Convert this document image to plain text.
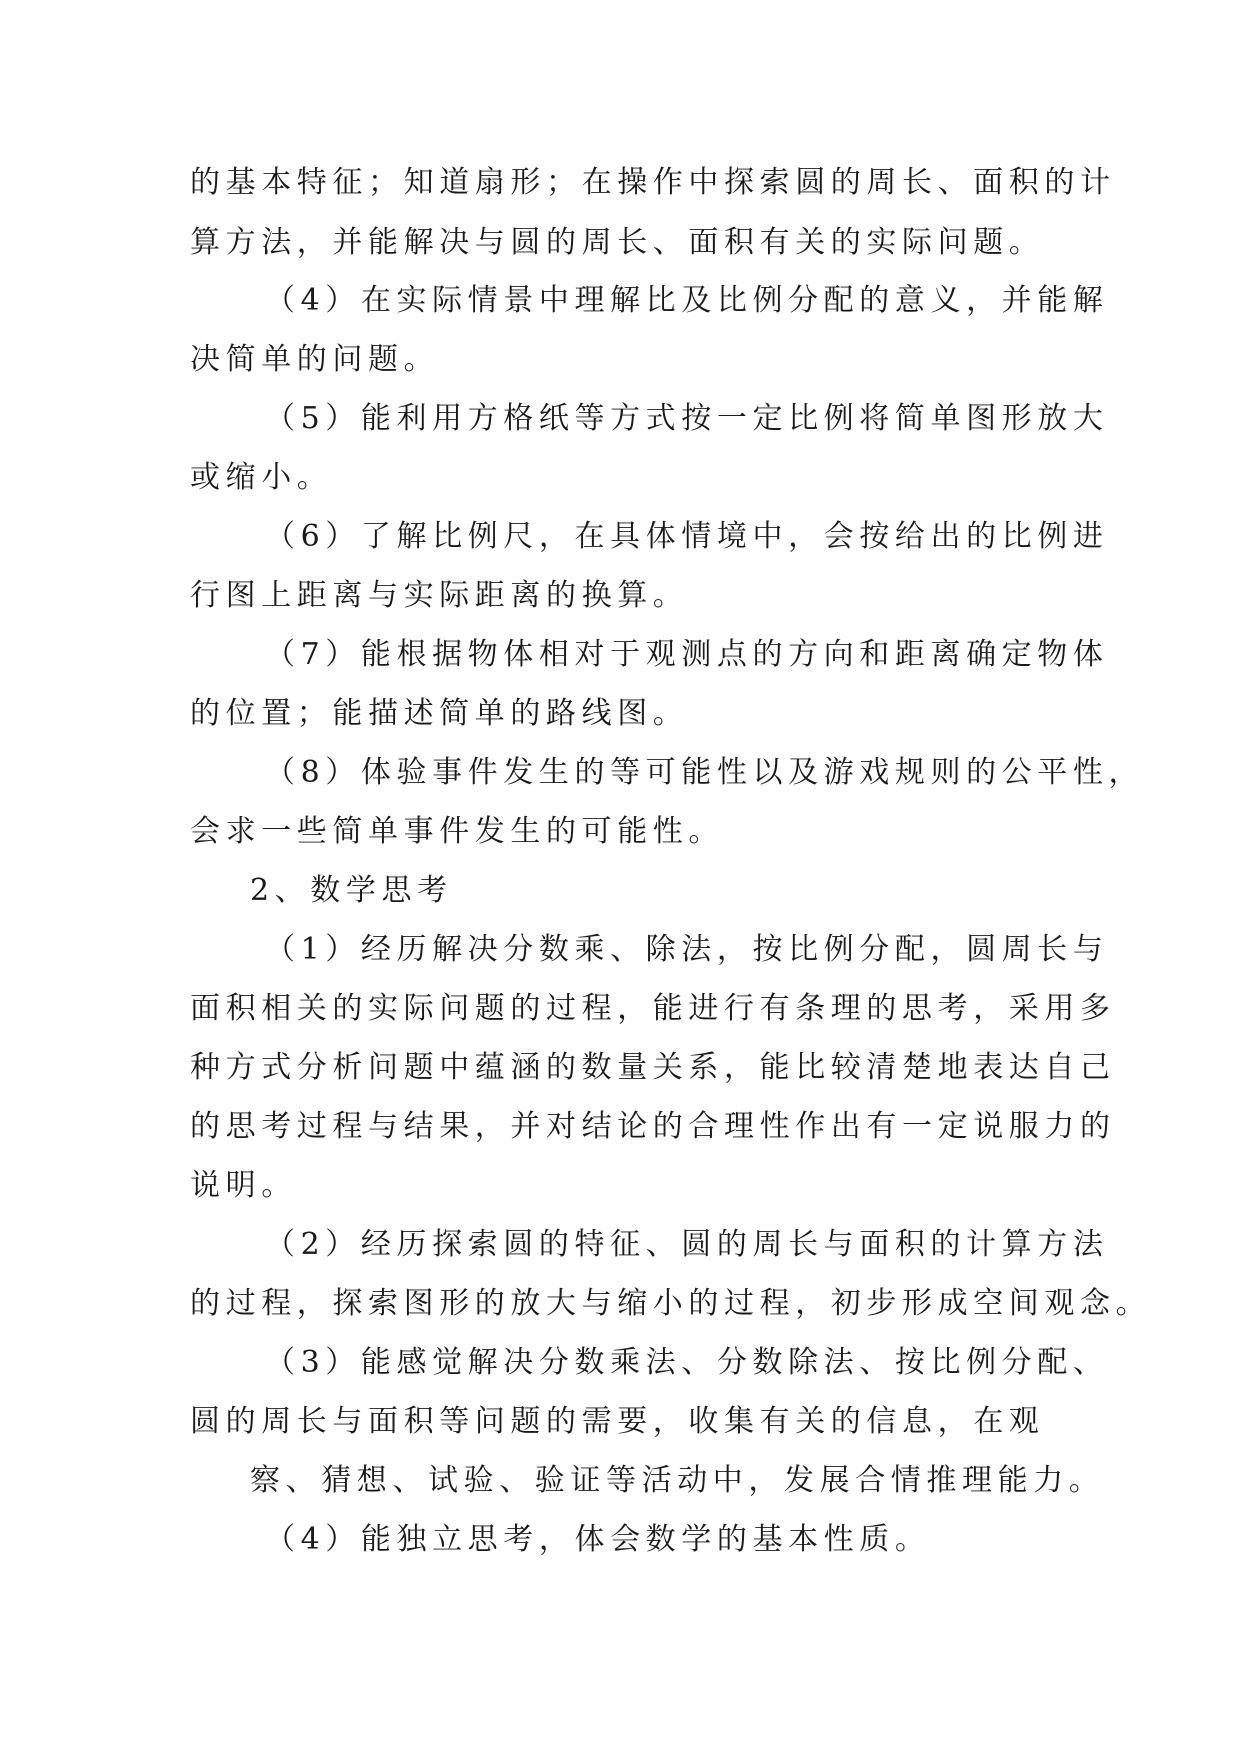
的基本特征；知道扇形；在操作中探索圆的周长、面积的计
算方法，并能解决与圆的周长、面积有关的实际问题。
（4）在实际情景中理解比及比例分配的意义，并能解
决简单的问题。
（5）能利用方格纸等方式按一定比例将简单图形放大
或缩小。
（6）了解比例尺，在具体情境中，会按给出的比例进
行图上距离与实际距离的换算。
（7）能根据物体相对于观测点的方向和距离确定物体
的位置；能描述简单的路线图。
（8）体验事件发生的等可能性以及游戏规则的公平性，
会求一些简单事件发生的可能性。
2、数学思考
（1）经历解决分数乘、除法，按比例分配，圆周长与
面积相关的实际问题的过程，能进行有条理的思考，采用多
种方式分析问题中蕴涵的数量关系，能比较清楚地表达自己
的思考过程与结果，并对结论的合理性作出有一定说服力的
说明。
（2）经历探索圆的特征、圆的周长与面积的计算方法
的过程，探索图形的放大与缩小的过程，初步形成空间观念。
（3）能感觉解决分数乘法、分数除法、按比例分配、
圆的周长与面积等问题的需要，收集有关的信息，在观
察、猜想、试验、验证等活动中，发展合情推理能力。
（4）能独立思考，体会数学的基本性质。
